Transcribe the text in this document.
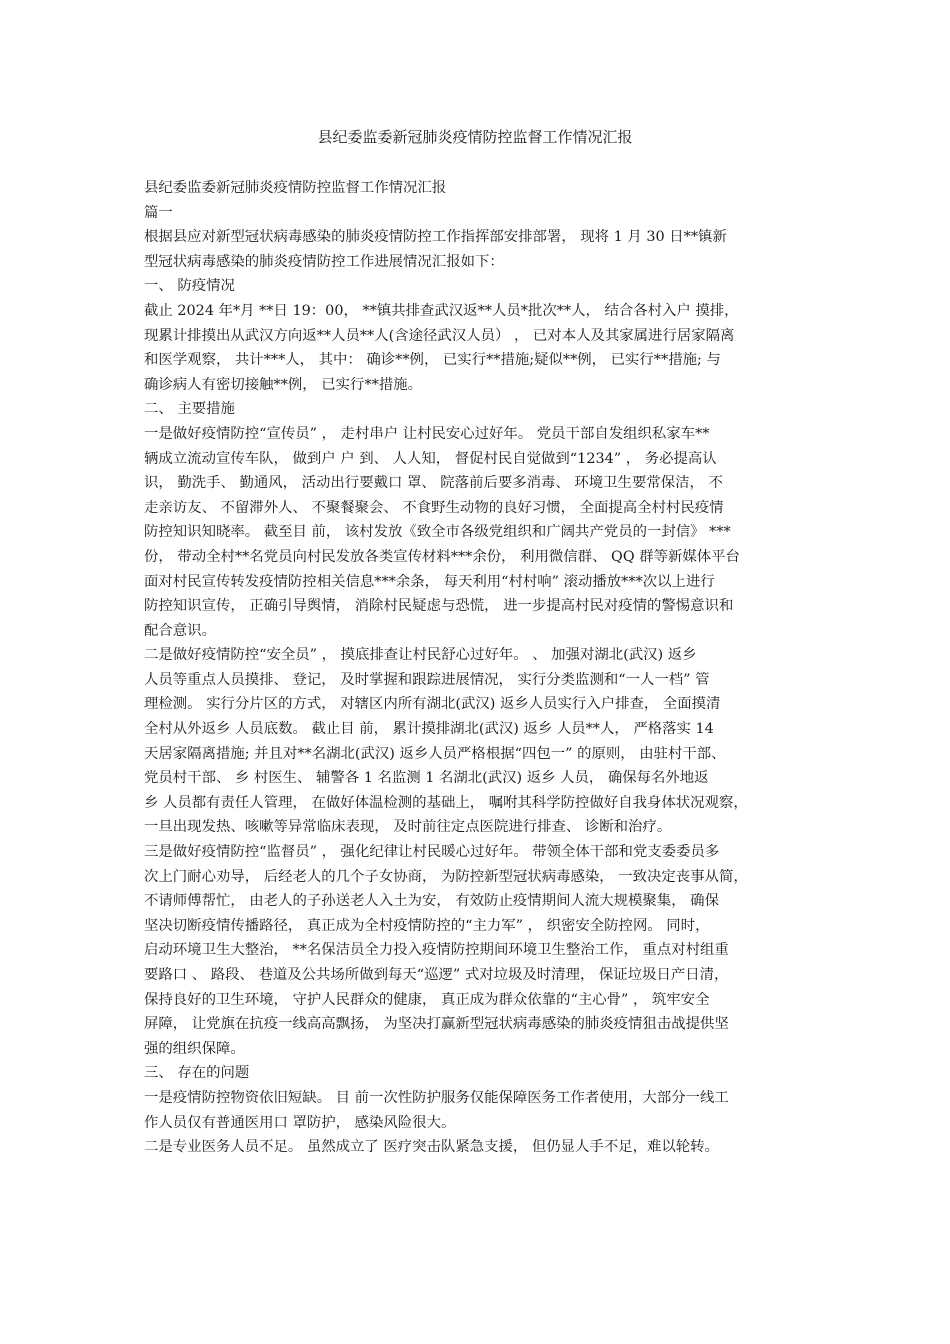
县纪委监委新冠肺炎疫情防控监督工作情况汇报

县纪委监委新冠肺炎疫情防控监督工作情况汇报

篇一

根据县应对新型冠状病毒感染的肺炎疫情防控工作指挥部安排部署， 现将 1 月 30 日**镇新

型冠状病毒感染的肺炎疫情防控工作进展情况汇报如下：

一、 防疫情况

截止 2024 年*月 **日 19：00， **镇共排查武汉返**人员*批次**人， 结合各村入户 摸排，

现累计排摸出从武汉方向返**人员**人(含途径武汉人员） ， 已对本人及其家属进行居家隔离

和医学观察， 共计***人， 其中： 确诊**例， 已实行**措施;疑似**例， 已实行**措施; 与

确诊病人有密切接触**例， 已实行**措施。

二、 主要措施

一是做好疫情防控“宣传员” ， 走村串户 让村民安心过好年。 党员干部自发组织私家车**

辆成立流动宣传车队， 做到户 户 到、 人人知， 督促村民自觉做到“1234” ， 务必提高认

识， 勤洗手、 勤通风， 活动出行要戴口 罩、 院落前后要多消毒、 环境卫生要常保洁， 不

走亲访友、 不留滞外人、 不聚餐聚会、 不食野生动物的良好习惯， 全面提高全村村民疫情

防控知识知晓率。 截至目 前， 该村发放《致全市各级党组织和广阔共产党员的一封信》 ***

份， 带动全村**名党员向村民发放各类宣传材料***余份， 利用微信群、 QQ 群等新媒体平台

面对村民宣传转发疫情防控相关信息***余条， 每天利用“村村响” 滚动播放***次以上进行

防控知识宣传， 正确引导舆情， 消除村民疑虑与恐慌， 进一步提高村民对疫情的警惕意识和

配合意识。

二是做好疫情防控“安全员” ， 摸底排查让村民舒心过好年。 、 加强对湖北(武汉) 返乡

人员等重点人员摸排、 登记， 及时掌握和跟踪进展情况， 实行分类监测和“一人一档” 管

理检测。 实行分片区的方式， 对辖区内所有湖北(武汉) 返乡人员实行入户排查， 全面摸清

全村从外返乡 人员底数。 截止目 前， 累计摸排湖北(武汉) 返乡 人员**人， 严格落实 14

天居家隔离措施; 并且对**名湖北(武汉) 返乡人员严格根据“四包一” 的原则， 由驻村干部、

党员村干部、 乡 村医生、 辅警各 1 名监测 1 名湖北(武汉) 返乡 人员， 确保每名外地返

乡 人员都有责任人管理， 在做好体温检测的基础上， 嘱咐其科学防控做好自我身体状况观察，

一旦出现发热、咳嗽等异常临床表现， 及时前往定点医院进行排查、 诊断和治疗。

三是做好疫情防控“监督员” ， 强化纪律让村民暖心过好年。 带领全体干部和党支委委员多

次上门耐心劝导， 后经老人的几个子女协商， 为防控新型冠状病毒感染， 一致决定丧事从简，

不请师傅帮忙， 由老人的子孙送老人入土为安， 有效防止疫情期间人流大规模聚集， 确保

坚决切断疫情传播路径， 真正成为全村疫情防控的“主力军” ， 织密安全防控网。 同时，

启动环境卫生大整治， **名保洁员全力投入疫情防控期间环境卫生整治工作， 重点对村组重

要路口 、 路段、 巷道及公共场所做到每天“巡逻” 式对垃圾及时清理， 保证垃圾日产日清，

保持良好的卫生环境， 守护人民群众的健康， 真正成为群众依靠的“主心骨” ， 筑牢安全

屏障， 让党旗在抗疫一线高高飘扬， 为坚决打赢新型冠状病毒感染的肺炎疫情狙击战提供坚

强的组织保障。

三、 存在的问题

一是疫情防控物资依旧短缺。 目 前一次性防护服务仅能保障医务工作者使用，大部分一线工

作人员仅有普通医用口 罩防护， 感染风险很大。

二是专业医务人员不足。 虽然成立了 医疗突击队紧急支援， 但仍显人手不足，难以轮转。
